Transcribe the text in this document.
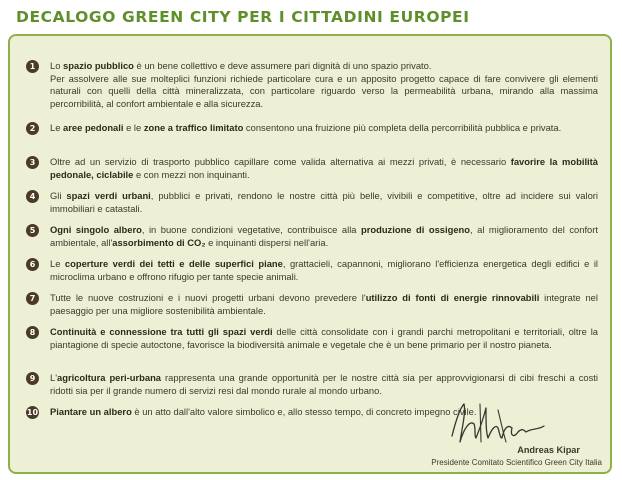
DECALOGO GREEN CITY PER I CITTADINI EUROPEI
1	Lo spazio pubblico è un bene collettivo e deve assumere pari dignità di uno spazio privato.
Per assolvere alle sue molteplici funzioni richiede particolare cura e un apposito progetto capace di fare convivere gli elementi naturali con quelli della città mineralizzata, con particolare riguardo verso la permeabilità urbana, mirando alla massima percorribilità, al confort ambientale e alla sicurezza.
2	Le aree pedonali e le zone a traffico limitato consentono una fruizione più completa della percorribilità pubblica e privata.
3	Oltre ad un servizio di trasporto pubblico capillare come valida alternativa ai mezzi privati, è necessario favorire la mobilità pedonale, ciclabile e con mezzi non inquinanti.
4	Gli spazi verdi urbani, pubblici e privati, rendono le nostre città più belle, vivibili e competitive, oltre ad incidere sui valori immobiliari e catastali.
5	Ogni singolo albero, in buone condizioni vegetative, contribuisce alla produzione di ossigeno, al miglioramento del confort ambientale, all'assorbimento di CO₂ e inquinanti dispersi nell'aria.
6	Le coperture verdi dei tetti e delle superfici piane, grattacieli, capannoni, migliorano l'efficienza energetica degli edifici e il microclima urbano e offrono rifugio per tante specie animali.
7	Tutte le nuove costruzioni e i nuovi progetti urbani devono prevedere l'utilizzo di fonti di energie rinnovabili integrate nel paesaggio per una migliore sostenibilità ambientale.
8	Continuità e connessione tra tutti gli spazi verdi delle città consolidate con i grandi parchi metropolitani e territoriali, oltre la piantagione di specie autoctone, favorisce la biodiversità animale e vegetale che è un bene primario per il nostro pianeta.
9	L'agricoltura peri-urbana rappresenta una grande opportunità per le nostre città sia per approvvigionarsi di cibi freschi a costi ridotti sia per il grande numero di servizi resi dal mondo rurale al mondo urbano.
10 Piantare un albero è un atto dall'alto valore simbolico e, allo stesso tempo, di concreto impegno civile.
Andreas Kipar
Presidente Comitato Scientifico Green City Italia
